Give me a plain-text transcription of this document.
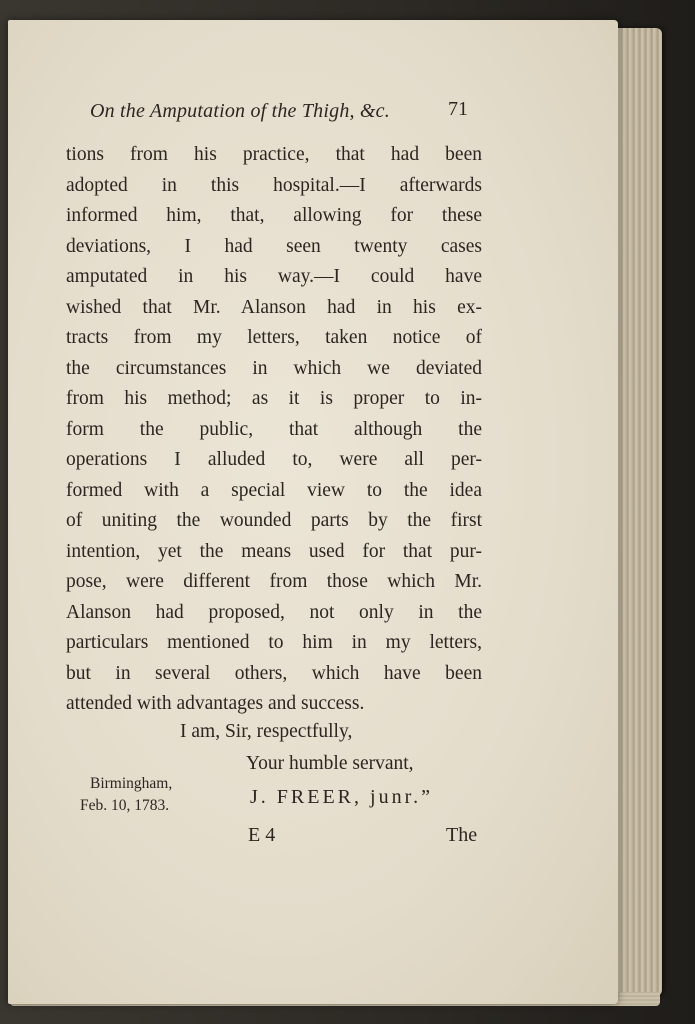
On the Amputation of the Thigh, &c.	71
tions from his practice, that had been
adopted in this hospital.—I afterwards
informed him, that, allowing for these
deviations, I had seen twenty cases
amputated in his way.—I could have
wished that Mr. Alanson had in his ex-
tracts from my letters, taken notice of
the circumstances in which we deviated
from his method; as it is proper to in-
form the public, that although the
operations I alluded to, were all per-
formed with a special view to the idea
of uniting the wounded parts by the first
intention, yet the means used for that pur-
pose, were different from those which Mr.
Alanson had proposed, not only in the
particulars mentioned to him in my letters,
but in several others, which have been
attended with advantages and success.
I am, Sir, respectfully,
Your humble servant,
Birmingham,
Feb. 10, 1783.	J. FREER, junr.”
E 4	The
